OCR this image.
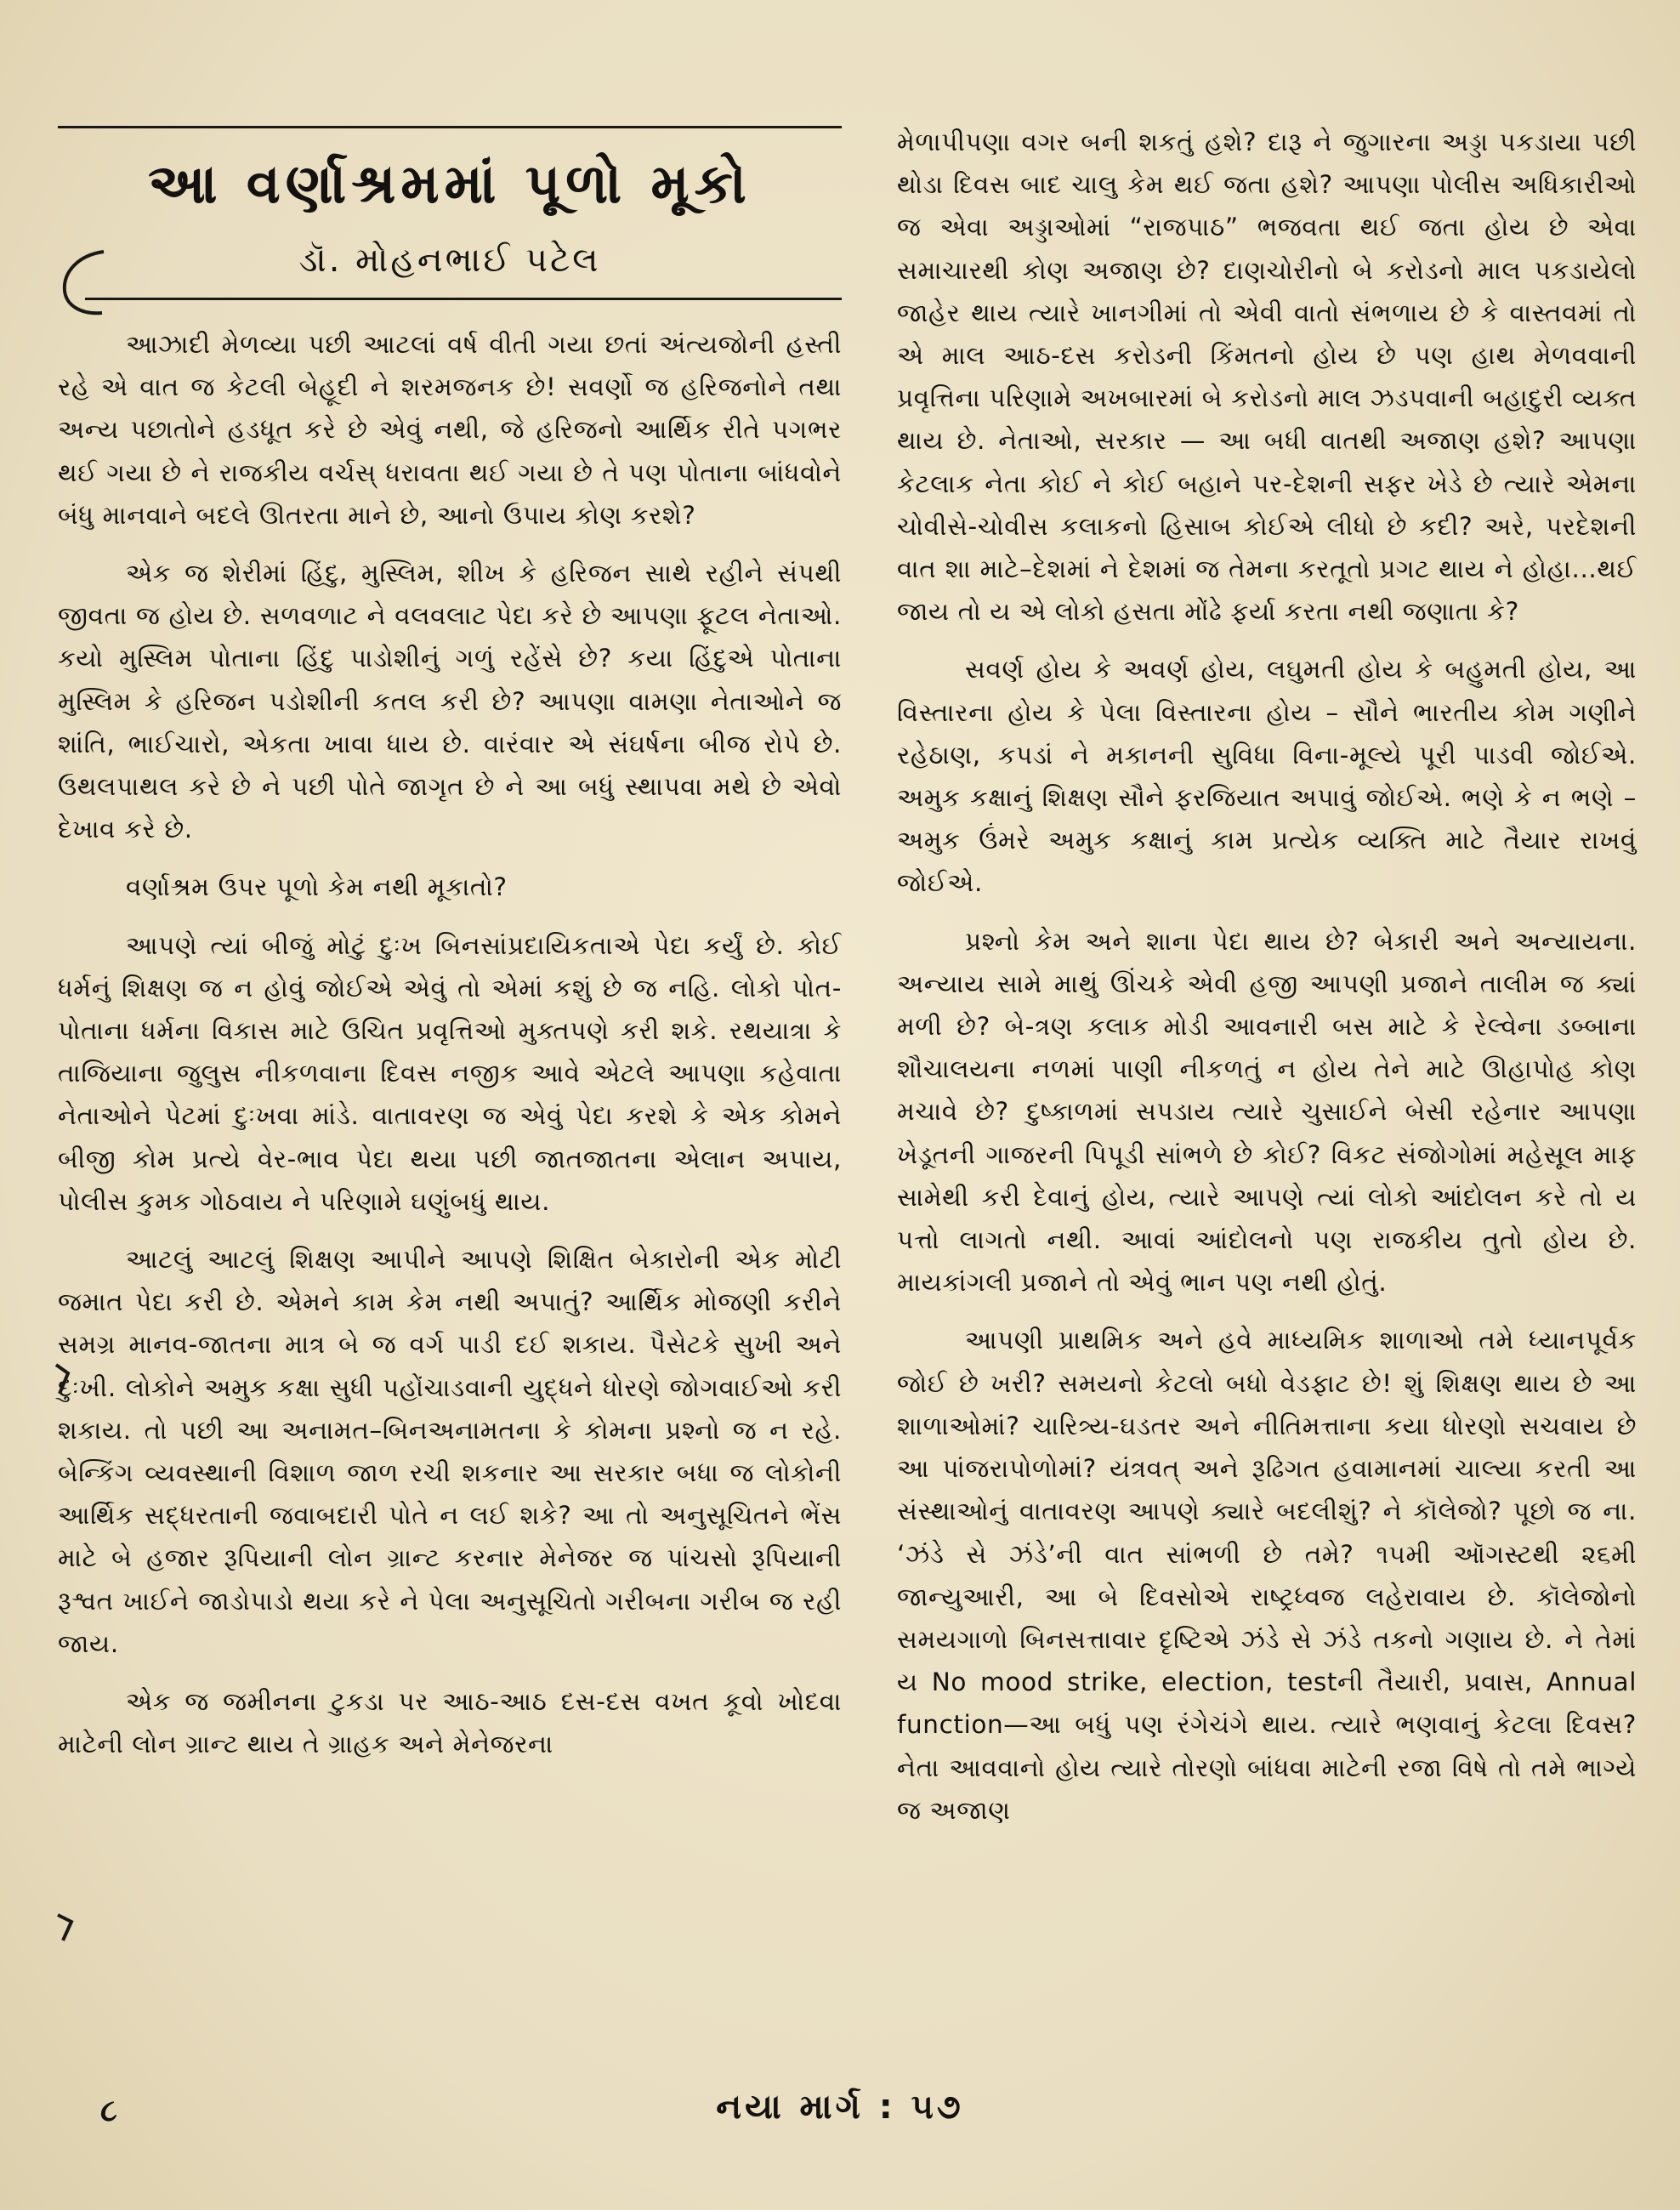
આ વર્ણાશ્રમમાં પૂળો મૂકો
ડૉ. મોહનભાઈ પટેલ

આઝાદી મેળવ્યા પછી આટલાં વર્ષ વીતી ગયા છતાં અંત્યજોની હસ્તી રહે એ વાત જ કેટલી બેહૂદી ને શરમજનક છે! સવર્ણો જ હરિજનોને તથા અન્ય પછાતોને હડધૂત કરે છે એવું નથી, જે હરિજનો આર્થિક રીતે પગભર થઈ ગયા છે ને રાજકીય વર્ચસ્ ધરાવતા થઈ ગયા છે તે પણ પોતાના બાંધવોને બંધુ માનવાને બદલે ઊતરતા માને છે, આનો ઉપાય કોણ કરશે?

એક જ શેરીમાં હિંદુ, મુસ્લિમ, શીખ કે હરિજન સાથે રહીને સંપથી જીવતા જ હોય છે. સળવળાટ ને વલવલાટ પેદા કરે છે આપણા ફૂટલ નેતાઓ. કયો મુસ્લિમ પોતાના હિંદુ પાડોશીનું ગળું રહેંસે છે? કયા હિંદુએ પોતાના મુસ્લિમ કે હરિજન પડોશીની કતલ કરી છે? આપણા વામણા નેતાઓને જ શાંતિ, ભાઈચારો, એકતા ખાવા ધાય છે. વારંવાર એ સંઘર્ષના બીજ રોપે છે. ઉથલપાથલ કરે છે ને પછી પોતે જાગૃત છે ને આ બધું સ્થાપવા મથે છે એવો દેખાવ કરે છે.

વર્ણાશ્રમ ઉપર પૂળો કેમ નથી મૂકાતો?

આપણે ત્યાં બીજું મોટું દુઃખ બિનસાંપ્રદાયિકતાએ પેદા કર્યું છે. કોઈ ધર્મનું શિક્ષણ જ ન હોવું જોઈએ એવું તો એમાં કશું છે જ નહિ. લોકો પોત-પોતાના ધર્મના વિકાસ માટે ઉચિત પ્રવૃત્તિઓ મુક્તપણે કરી શકે. રથયાત્રા કે તાજિયાના જુલુસ નીકળવાના દિવસ નજીક આવે એટલે આપણા કહેવાતા નેતાઓને પેટમાં દુઃખવા માંડે. વાતાવરણ જ એવું પેદા કરશે કે એક કોમને બીજી કોમ પ્રત્યે વેર-ભાવ પેદા થયા પછી જાતજાતના એલાન અપાય, પોલીસ કુમક ગોઠવાય ને પરિણામે ઘણુંબધું થાય.

આટલું આટલું શિક્ષણ આપીને આપણે શિક્ષિત બેકારોની એક મોટી જમાત પેદા કરી છે. એમને કામ કેમ નથી અપાતું? આર્થિક મોજણી કરીને સમગ્ર માનવ-જાતના માત્ર બે જ વર્ગ પાડી દઈ શકાય. પૈસેટકે સુખી અને દુઃખી. લોકોને અમુક કક્ષા સુધી પહોંચાડવાની યુદ્ધને ધોરણે જોગવાઈઓ કરી શકાય. તો પછી આ અનામત–બિનઅનામતના કે કોમના પ્રશ્નો જ ન રહે. બેન્કિંગ વ્યવસ્થાની વિશાળ જાળ રચી શકનાર આ સરકાર બધા જ લોકોની આર્થિક સદ્ધરતાની જવાબદારી પોતે ન લઈ શકે? આ તો અનુસૂચિતને ભેંસ માટે બે હજાર રૂપિયાની લોન ગ્રાન્ટ કરનાર મેનેજર જ પાંચસો રૂપિયાની રૂશ્વત ખાઈને જાડોપાડો થયા કરે ને પેલા અનુસૂચિતો ગરીબના ગરીબ જ રહી જાય.

એક જ જમીનના ટુકડા પર આઠ-આઠ દસ-દસ વખત કૂવો ખોદવા માટેની લોન ગ્રાન્ટ થાય તે ગ્રાહક અને મેનેજરના

મેળાપીપણા વગર બની શકતું હશે? દારૂ ને જુગારના અડ્ડા પકડાયા પછી થોડા દિવસ બાદ ચાલુ કેમ થઈ જતા હશે? આપણા પોલીસ અધિકારીઓ જ એવા અડ્ડાઓમાં “રાજપાઠ” ભજવતા થઈ જતા હોય છે એવા સમાચારથી કોણ અજાણ છે? દાણચોરીનો બે કરોડનો માલ પકડાયેલો જાહેર થાય ત્યારે ખાનગીમાં તો એવી વાતો સંભળાય છે કે વાસ્તવમાં તો એ માલ આઠ-દસ કરોડની કિંમતનો હોય છે પણ હાથ મેળવવાની પ્રવૃત્તિના પરિણામે અખબારમાં બે કરોડનો માલ ઝડપવાની બહાદુરી વ્યક્ત થાય છે. નેતાઓ, સરકાર — આ બધી વાતથી અજાણ હશે? આપણા કેટલાક નેતા કોઈ ને કોઈ બહાને પર-દેશની સફર ખેડે છે ત્યારે એમના ચોવીસે-ચોવીસ કલાકનો હિસાબ કોઈએ લીધો છે કદી? અરે, પરદેશની વાત શા માટે–દેશમાં ને દેશમાં જ તેમના કરતૂતો પ્રગટ થાય ને હોહા...થઈ જાય તો ય એ લોકો હસતા મોંઢે ફર્યા કરતા નથી જણાતા કે?

સવર્ણ હોય કે અવર્ણ હોય, લઘુમતી હોય કે બહુમતી હોય, આ વિસ્તારના હોય કે પેલા વિસ્તારના હોય – સૌને ભારતીય કોમ ગણીને રહેઠાણ, કપડાં ને મકાનની સુવિધા વિના-મૂલ્યે પૂરી પાડવી જોઈએ. અમુક કક્ષાનું શિક્ષણ સૌને ફરજિયાત અપાવું જોઈએ. ભણે કે ન ભણે – અમુક ઉંમરે અમુક કક્ષાનું કામ પ્રત્યેક વ્યક્તિ માટે તૈયાર રાખવું જોઈએ.

પ્રશ્નો કેમ અને શાના પેદા થાય છે? બેકારી અને અન્યાયના. અન્યાય સામે માથું ઊંચકે એવી હજી આપણી પ્રજાને તાલીમ જ ક્યાં મળી છે? બે-ત્રણ કલાક મોડી આવનારી બસ માટે કે રેલ્વેના ડબ્બાના શૌચાલયના નળમાં પાણી નીકળતું ન હોય તેને માટે ઊહાપોહ કોણ મચાવે છે? દુષ્કાળમાં સપડાય ત્યારે ચુસાઈને બેસી રહેનાર આપણા ખેડૂતની ગાજરની પિપૂડી સાંભળે છે કોઈ? વિકટ સંજોગોમાં મહેસૂલ માફ સામેથી કરી દેવાનું હોય, ત્યારે આપણે ત્યાં લોકો આંદોલન કરે તો ય પત્તો લાગતો નથી. આવાં આંદોલનો પણ રાજકીય તુતો હોય છે. માયકાંગલી પ્રજાને તો એવું ભાન પણ નથી હોતું.

આપણી પ્રાથમિક અને હવે માધ્યમિક શાળાઓ તમે ધ્યાનપૂર્વક જોઈ છે ખરી? સમયનો કેટલો બધો વેડફાટ છે! શું શિક્ષણ થાય છે આ શાળાઓમાં? ચારિત્ર્ય-ઘડતર અને નીતિમત્તાના કયા ધોરણો સચવાય છે આ પાંજરાપોળોમાં? યંત્રવત્ અને રૂઢિગત હવામાનમાં ચાલ્યા કરતી આ સંસ્થાઓનું વાતાવરણ આપણે ક્યારે બદલીશું? ને કૉલેજો? પૂછો જ ના. ‘ઝંડે સે ઝંડે’ની વાત સાંભળી છે તમે? ૧૫મી ઑગસ્ટથી ૨૬મી જાન્યુઆરી, આ બે દિવસોએ રાષ્ટ્રધ્વજ લહેરાવાય છે. કૉલેજોનો સમયગાળો બિનસત્તાવાર દૃષ્ટિએ ઝંડે સે ઝંડે તકનો ગણાય છે. ને તેમાં ય No mood strike, election, testની તૈયારી, પ્રવાસ, Annual function—આ બધું પણ રંગેચંગે થાય. ત્યારે ભણવાનું કેટલા દિવસ? નેતા આવવાનો હોય ત્યારે તોરણો બાંધવા માટેની રજા વિષે તો તમે ભાગ્યે જ અજાણ

૮	નયા માર્ગ : ૫૭
